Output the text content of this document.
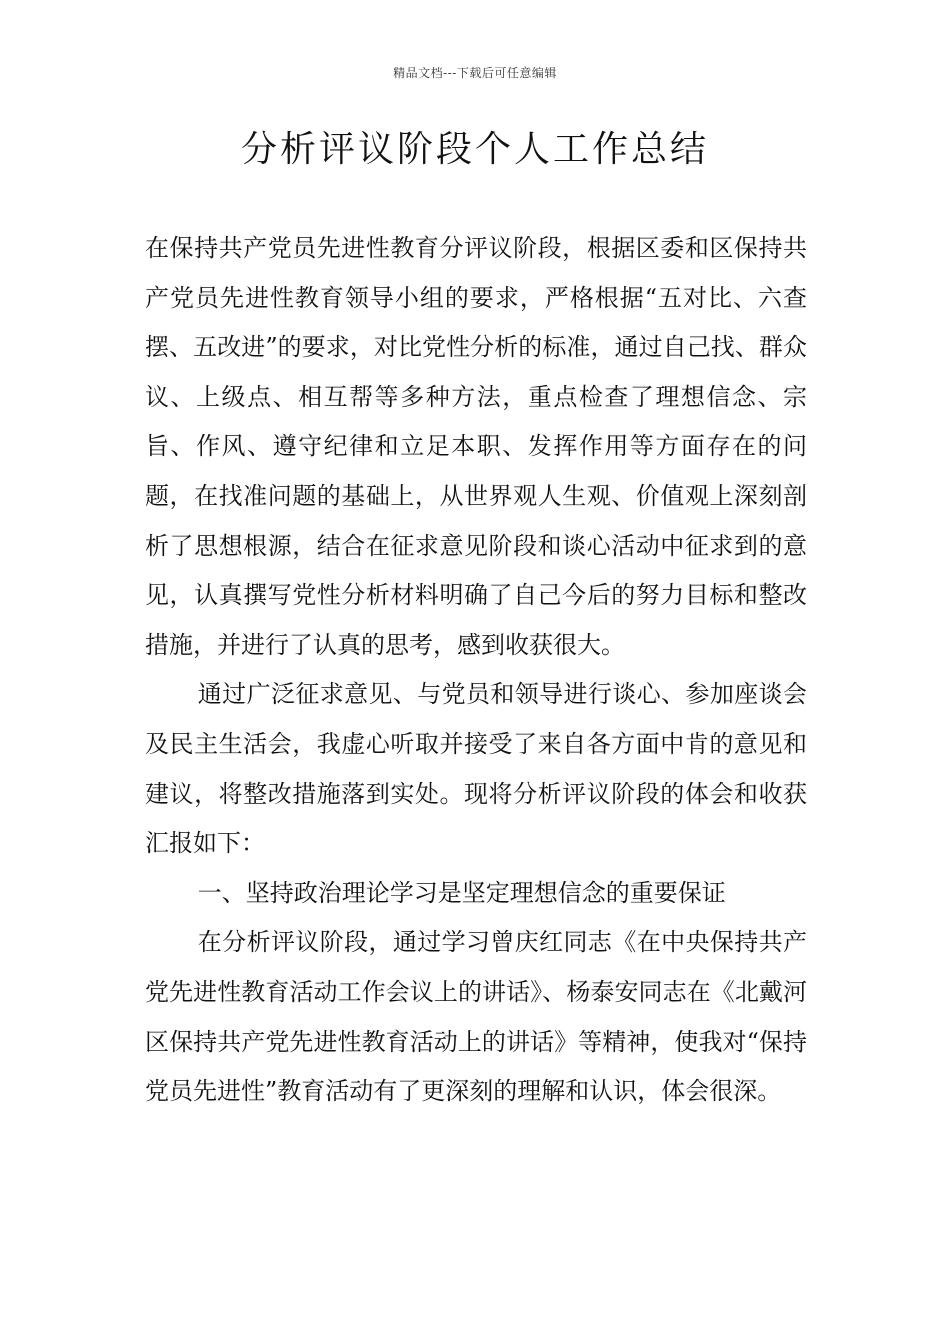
精品文档---下载后可任意编辑
分析评议阶段个人工作总结

在保持共产党员先进性教育分评议阶段，根据区委和区保持共产党员先进性教育领导小组的要求，严格根据“五对比、六查摆、五改进”的要求，对比党性分析的标准，通过自己找、群众议、上级点、相互帮等多种方法，重点检查了理想信念、宗旨、作风、遵守纪律和立足本职、发挥作用等方面存在的问题，在找准问题的基础上，从世界观人生观、价值观上深刻剖析了思想根源，结合在征求意见阶段和谈心活动中征求到的意见，认真撰写党性分析材料明确了自己今后的努力目标和整改措施，并进行了认真的思考，感到收获很大。

通过广泛征求意见、与党员和领导进行谈心、参加座谈会及民主生活会，我虚心听取并接受了来自各方面中肯的意见和建议，将整改措施落到实处。现将分析评议阶段的体会和收获汇报如下：

一、坚持政治理论学习是坚定理想信念的重要保证

在分析评议阶段，通过学习曾庆红同志《在中央保持共产党先进性教育活动工作会议上的讲话》、杨泰安同志在《北戴河区保持共产党先进性教育活动上的讲话》等精神，使我对“保持党员先进性”教育活动有了更深刻的理解和认识，体会很深。
